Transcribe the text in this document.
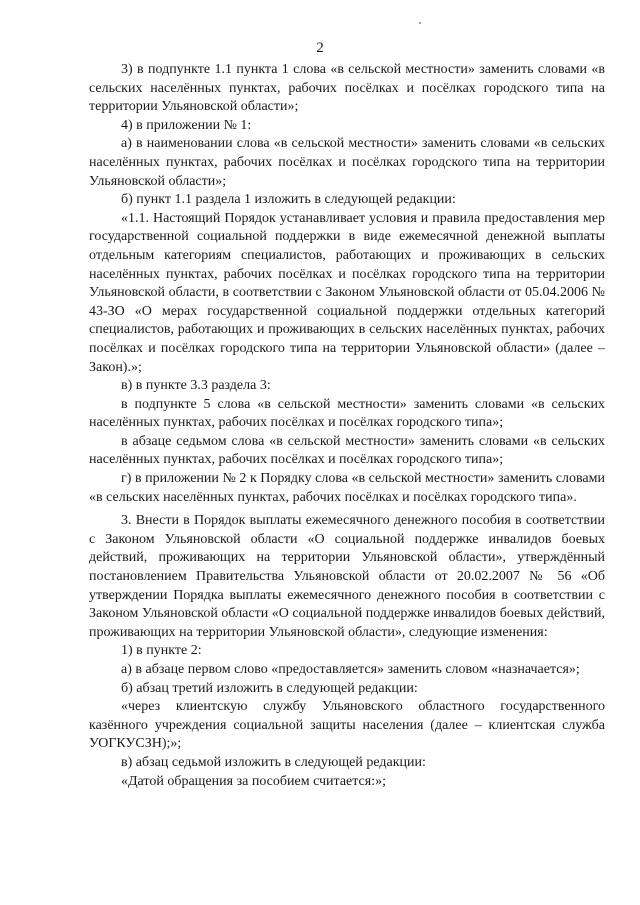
2

3) в подпункте 1.1 пункта 1 слова «в сельской местности» заменить словами «в сельских населённых пунктах, рабочих посёлках и посёлках городского типа на территории Ульяновской области»;

4) в приложении № 1:

а) в наименовании слова «в сельской местности» заменить словами «в сельских населённых пунктах, рабочих посёлках и посёлках городского типа на территории Ульяновской области»;

б) пункт 1.1 раздела 1 изложить в следующей редакции:

«1.1. Настоящий Порядок устанавливает условия и правила предоставления мер государственной социальной поддержки в виде ежемесячной денежной выплаты отдельным категориям специалистов, работающих и проживающих в сельских населённых пунктах, рабочих посёлках и посёлках городского типа на территории Ульяновской области, в соответствии с Законом Ульяновской области от 05.04.2006 № 43-ЗО «О мерах государственной социальной поддержки отдельных категорий специалистов, работающих и проживающих в сельских населённых пунктах, рабочих посёлках и посёлках городского типа на территории Ульяновской области» (далее – Закон).»;

в) в пункте 3.3 раздела 3:

в подпункте 5 слова «в сельской местности» заменить словами «в сельских населённых пунктах, рабочих посёлках и посёлках городского типа»;

в абзаце седьмом слова «в сельской местности» заменить словами «в сельских населённых пунктах, рабочих посёлках и посёлках городского типа»;

г) в приложении № 2 к Порядку слова «в сельской местности» заменить словами «в сельских населённых пунктах, рабочих посёлках и посёлках городского типа».

3. Внести в Порядок выплаты ежемесячного денежного пособия в соответствии с Законом Ульяновской области «О социальной поддержке инвалидов боевых действий, проживающих на территории Ульяновской области», утверждённый постановлением Правительства Ульяновской области от 20.02.2007 № 56 «Об утверждении Порядка выплаты ежемесячного денежного пособия в соответствии с Законом Ульяновской области «О социальной поддержке инвалидов боевых действий, проживающих на территории Ульяновской области», следующие изменения:

1) в пункте 2:

а) в абзаце первом слово «предоставляется» заменить словом «назначается»;

б) абзац третий изложить в следующей редакции:

«через клиентскую службу Ульяновского областного государственного казённого учреждения социальной защиты населения (далее – клиентская служба УОГКУСЗН);»;

в) абзац седьмой изложить в следующей редакции:

«Датой обращения за пособием считается:»;
